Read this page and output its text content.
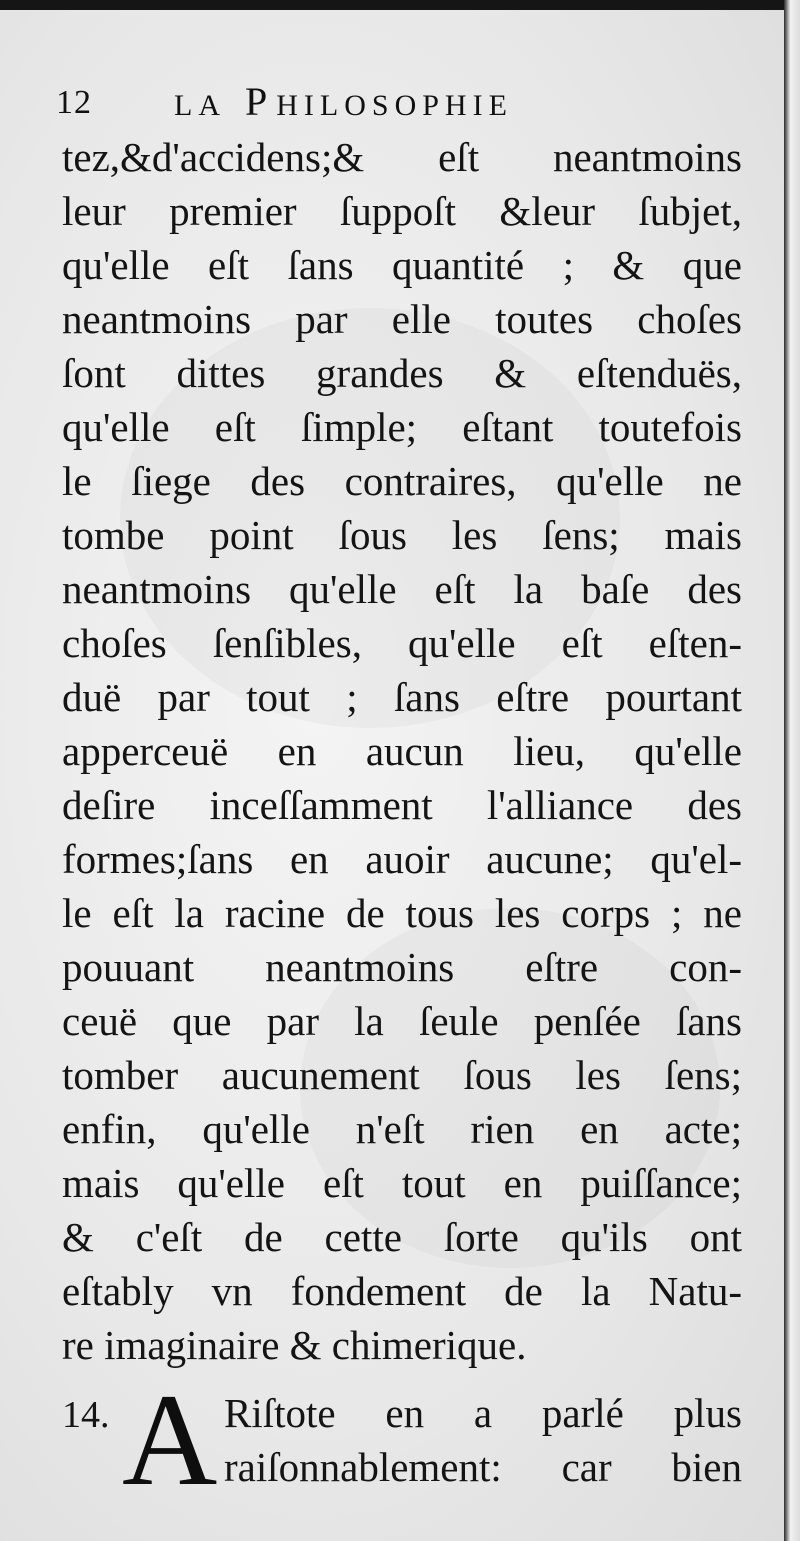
12	LA PHILOSOPHIE
tez,&d'accidens;& eſt neantmoins
leur premier ſuppoſt &leur ſubjet,
qu'elle eſt ſans quantité ; & que
neantmoins par elle toutes choſes
ſont dittes grandes & eſtenduës,
qu'elle eſt ſimple; eſtant toutefois
le ſiege des contraires, qu'elle ne
tombe point ſous les ſens; mais
neantmoins qu'elle eſt la baſe des
choſes ſenſibles, qu'elle eſt eſten-
duë par tout ; ſans eſtre pourtant
apperceuë en aucun lieu, qu'elle
deſire inceſſamment l'alliance des
formes;ſans en auoir aucune; qu'el-
le eſt la racine de tous les corps ; ne
pouuant neantmoins eſtre con-
ceuë que par la ſeule penſée ſans
tomber aucunement ſous les ſens;
enfin, qu'elle n'eſt rien en acte;
mais qu'elle eſt tout en puiſſance;
& c'eſt de cette ſorte qu'ils ont
eſtably vn fondement de la Natu-
re imaginaire & chimerique.
14. A Riſtote en a parlé plus
raiſonnablement: car bien
